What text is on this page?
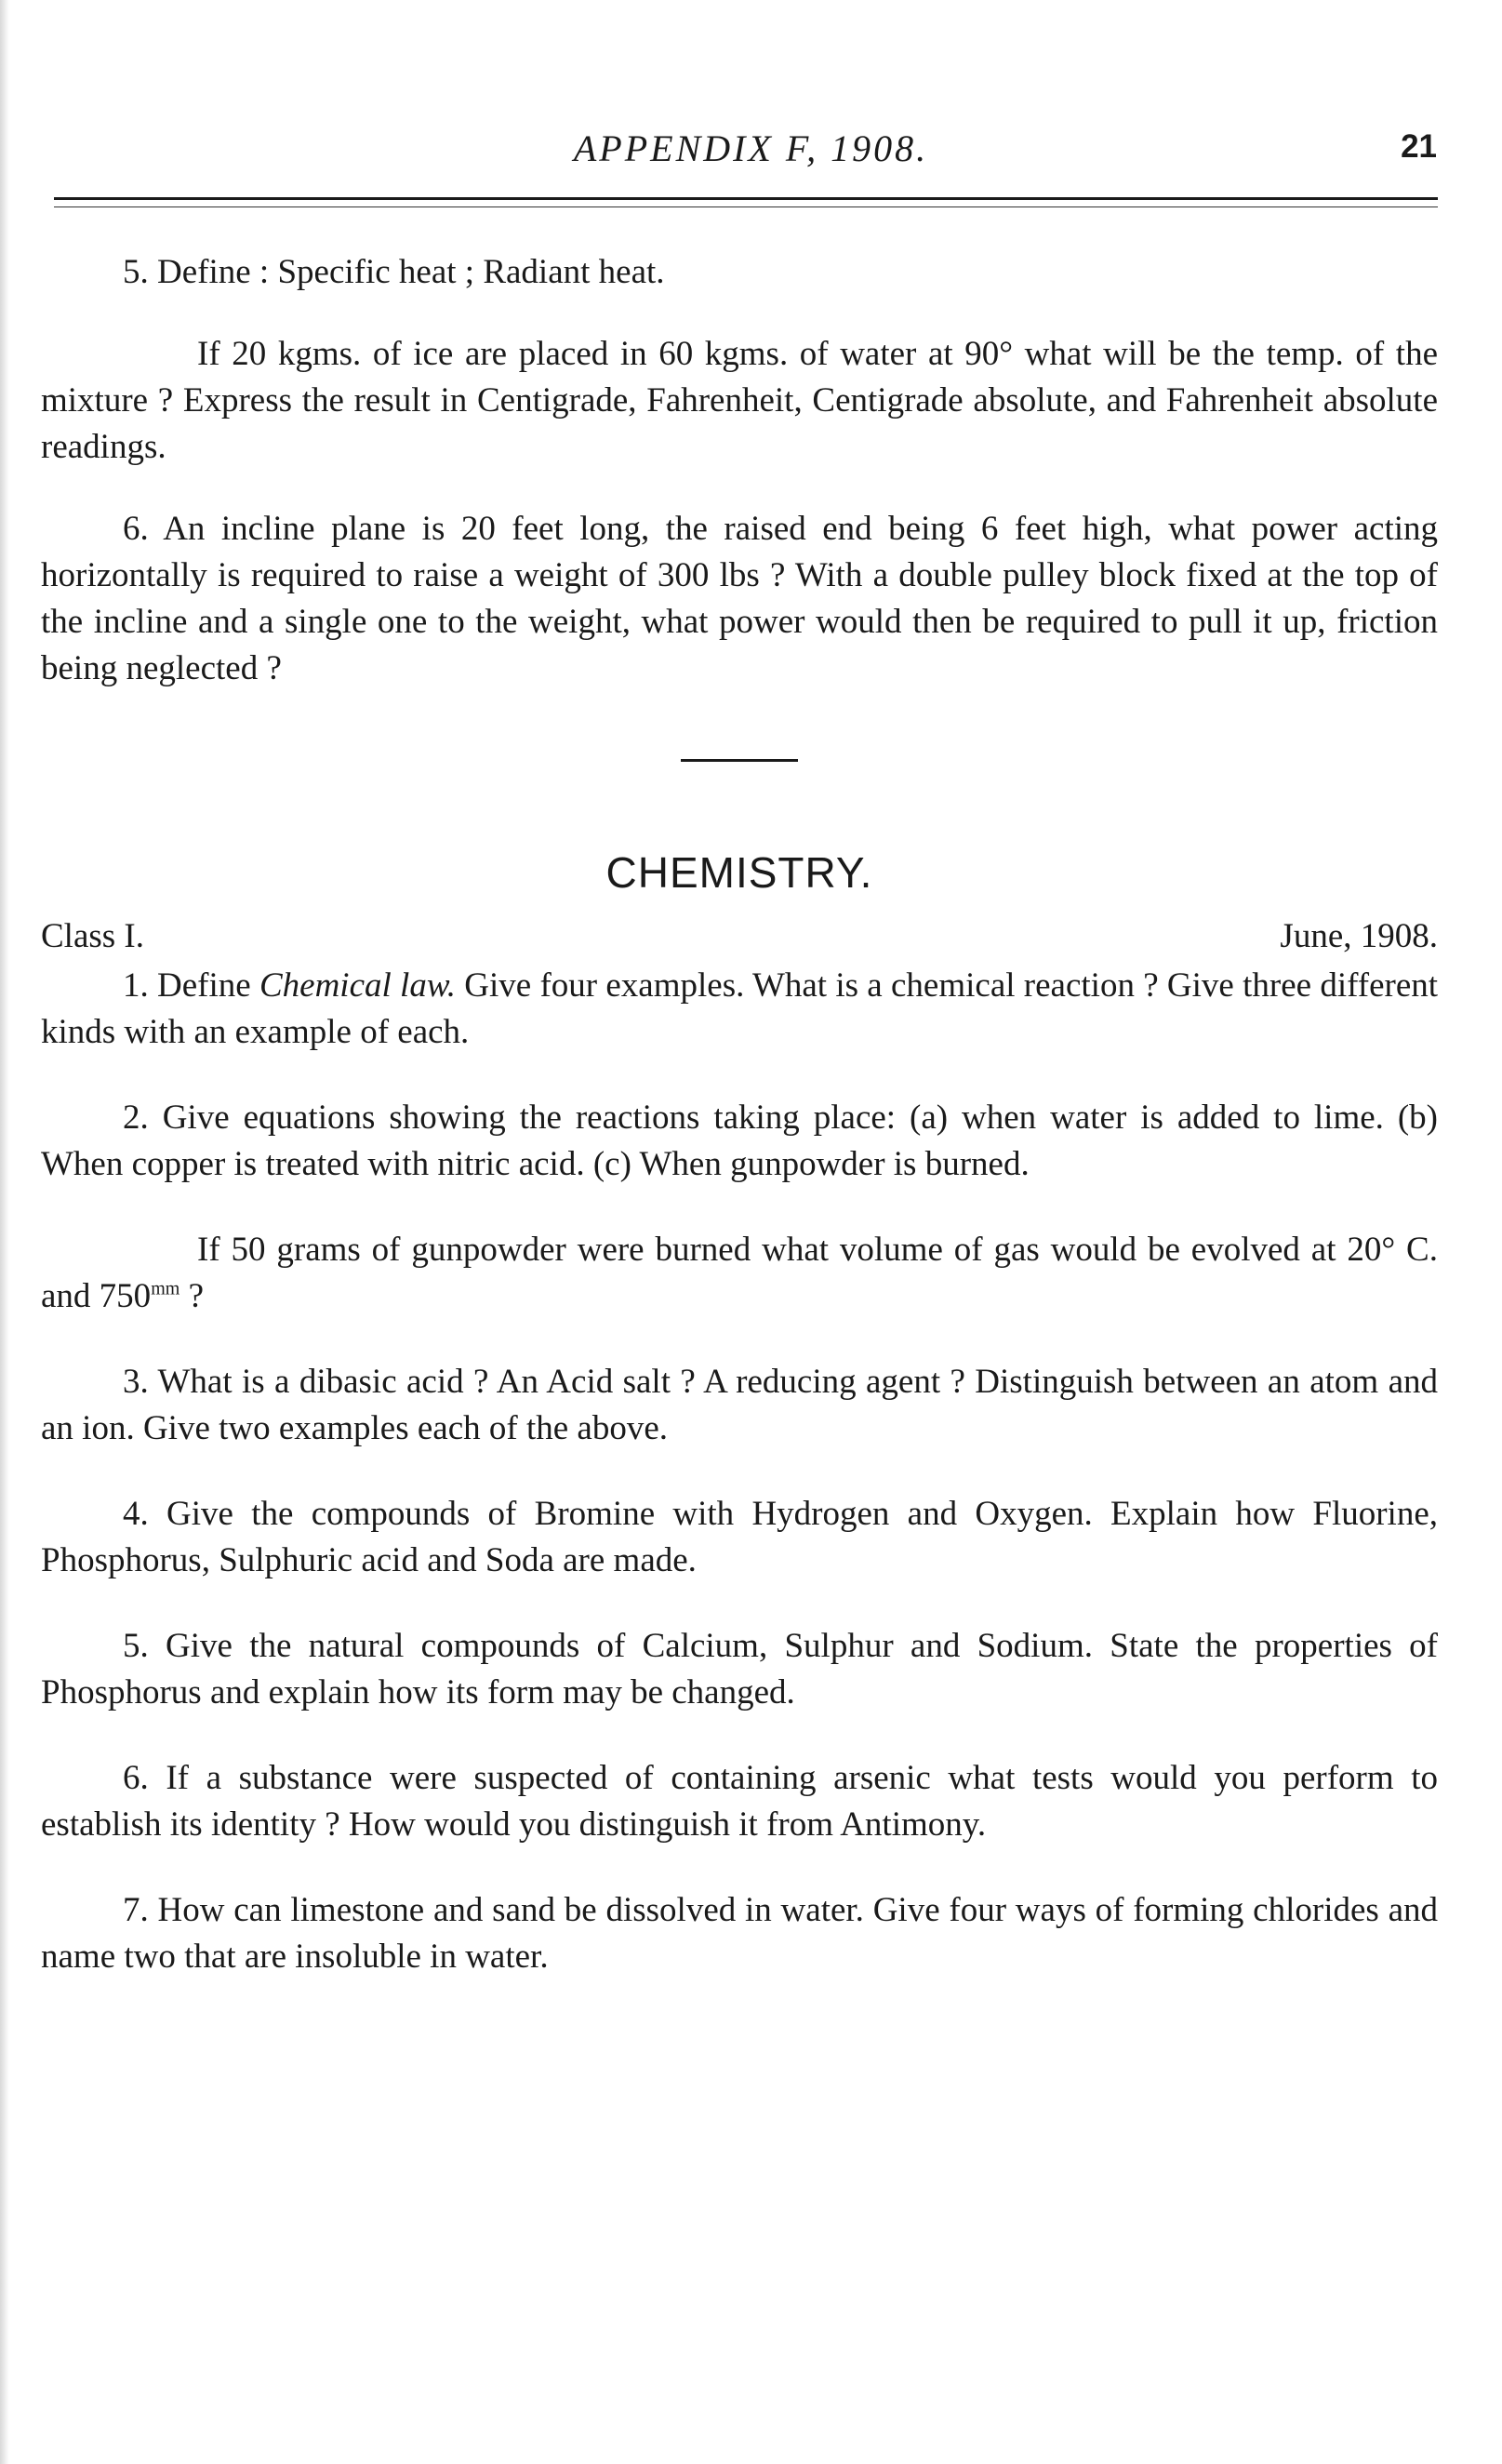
APPENDIX F, 1908.	21

5. Define : Specific heat ; Radiant heat.

If 20 kgms. of ice are placed in 60 kgms. of water at 90° what will be the temp. of the mixture ? Express the result in Centigrade, Fahrenheit, Centigrade absolute, and Fahrenheit absolute readings.

6. An incline plane is 20 feet long, the raised end being 6 feet high, what power acting horizontally is required to raise a weight of 300 lbs ? With a double pulley block fixed at the top of the incline and a single one to the weight, what power would then be required to pull it up, friction being neglected ?

CHEMISTRY.
Class I.	June, 1908.

1. Define Chemical law. Give four examples. What is a chemical reaction ? Give three different kinds with an example of each.

2. Give equations showing the reactions taking place: (a) when water is added to lime. (b) When copper is treated with nitric acid. (c) When gunpowder is burned.

If 50 grams of gunpowder were burned what volume of gas would be evolved at 20° C. and $750^{mm}$ ?

3. What is a dibasic acid ? An Acid salt ? A reducing agent ? Distinguish between an atom and an ion. Give two examples each of the above.

4. Give the compounds of Bromine with Hydrogen and Oxygen. Explain how Fluorine, Phosphorus, Sulphuric acid and Soda are made.

5. Give the natural compounds of Calcium, Sulphur and Sodium. State the properties of Phosphorus and explain how its form may be changed.

6. If a substance were suspected of containing arsenic what tests would you perform to establish its identity ? How would you distinguish it from Antimony.

7. How can limestone and sand be dissolved in water. Give four ways of forming chlorides and name two that are insoluble in water.
